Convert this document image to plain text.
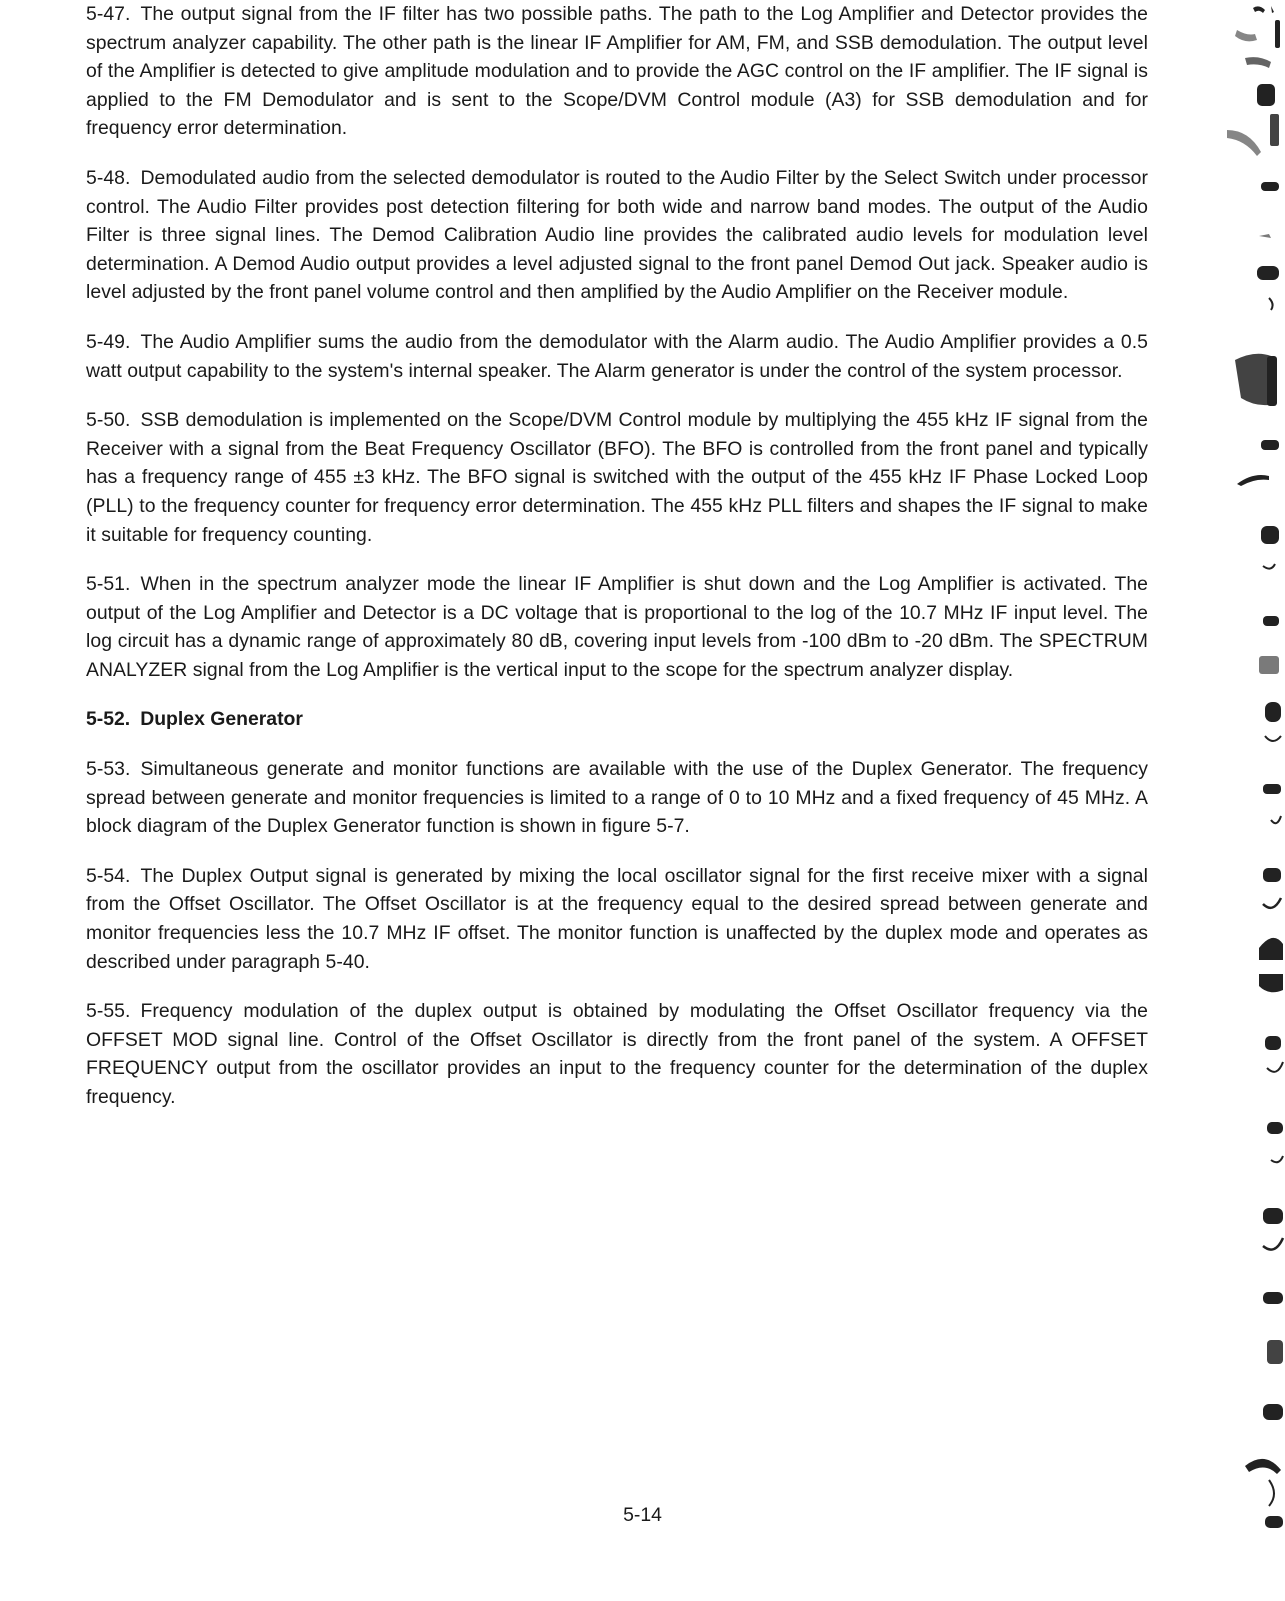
5-47. The output signal from the IF filter has two possible paths. The path to the Log Amplifier and Detector provides the spectrum analyzer capability. The other path is the linear IF Amplifier for AM, FM, and SSB demodulation. The output level of the Amplifier is detected to give amplitude modulation and to provide the AGC control on the IF amplifier. The IF signal is applied to the FM Demodulator and is sent to the Scope/DVM Control module (A3) for SSB demodulation and for frequency error determination.

5-48. Demodulated audio from the selected demodulator is routed to the Audio Filter by the Select Switch under processor control. The Audio Filter provides post detection filtering for both wide and narrow band modes. The output of the Audio Filter is three signal lines. The Demod Calibration Audio line provides the calibrated audio levels for modulation level determination. A Demod Audio output provides a level adjusted signal to the front panel Demod Out jack. Speaker audio is level adjusted by the front panel volume control and then amplified by the Audio Amplifier on the Receiver module.

5-49. The Audio Amplifier sums the audio from the demodulator with the Alarm audio. The Audio Amplifier provides a 0.5 watt output capability to the system's internal speaker. The Alarm generator is under the control of the system processor.

5-50. SSB demodulation is implemented on the Scope/DVM Control module by multiplying the 455 kHz IF signal from the Receiver with a signal from the Beat Frequency Oscillator (BFO). The BFO is controlled from the front panel and typically has a frequency range of 455 ±3 kHz. The BFO signal is switched with the output of the 455 kHz IF Phase Locked Loop (PLL) to the frequency counter for frequency error determination. The 455 kHz PLL filters and shapes the IF signal to make it suitable for frequency counting.

5-51. When in the spectrum analyzer mode the linear IF Amplifier is shut down and the Log Amplifier is activated. The output of the Log Amplifier and Detector is a DC voltage that is proportional to the log of the 10.7 MHz IF input level. The log circuit has a dynamic range of approximately 80 dB, covering input levels from -100 dBm to -20 dBm. The SPECTRUM ANALYZER signal from the Log Amplifier is the vertical input to the scope for the spectrum analyzer display.

5-52. Duplex Generator

5-53. Simultaneous generate and monitor functions are available with the use of the Duplex Generator. The frequency spread between generate and monitor frequencies is limited to a range of 0 to 10 MHz and a fixed frequency of 45 MHz. A block diagram of the Duplex Generator function is shown in figure 5-7.

5-54. The Duplex Output signal is generated by mixing the local oscillator signal for the first receive mixer with a signal from the Offset Oscillator. The Offset Oscillator is at the frequency equal to the desired spread between generate and monitor frequencies less the 10.7 MHz IF offset. The monitor function is unaffected by the duplex mode and operates as described under paragraph 5-40.

5-55. Frequency modulation of the duplex output is obtained by modulating the Offset Oscillator frequency via the OFFSET MOD signal line. Control of the Offset Oscillator is directly from the front panel of the system. A OFFSET FREQUENCY output from the oscillator provides an input to the frequency counter for the determination of the duplex frequency.

5-14
